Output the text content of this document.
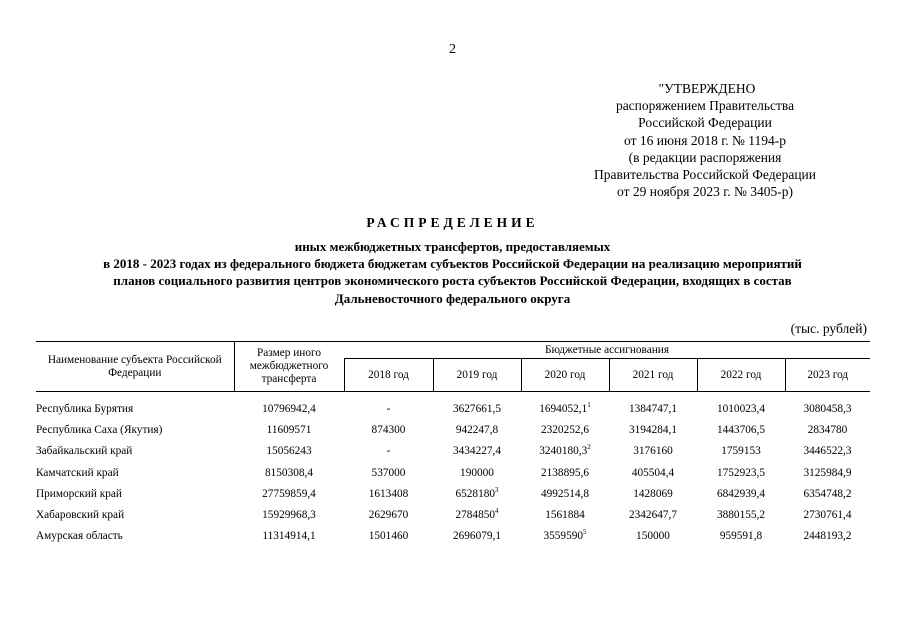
2
"УТВЕРЖДЕНО
распоряжением Правительства
Российской Федерации
от 16 июня 2018 г. № 1194-р
(в редакции распоряжения
Правительства Российской Федерации
от 29 ноября 2023 г. № 3405-р)
РАСПРЕДЕЛЕНИЕ
иных межбюджетных трансфертов, предоставляемых
в 2018 - 2023 годах из федерального бюджета бюджетам субъектов Российской Федерации на реализацию мероприятий
планов социального развития центров экономического роста субъектов Российской Федерации, входящих в состав
Дальневосточного федерального округа
(тыс. рублей)
Наименование субъекта Российской Федерации	Размер иного межбюджетного трансферта	Бюджетные ассигнования					
		2018 год	2019 год	2020 год	2021 год	2022 год	2023 год
Республика Бурятия	10796942,4	-	3627661,5	1694052,1$^1$	1384747,1	1010023,4	3080458,3
Республика Саха (Якутия)	11609571	874300	942247,8	2320252,6	3194284,1	1443706,5	2834780
Забайкальский край	15056243	-	3434227,4	3240180,3$^2$	3176160	1759153	3446522,3
Камчатский край	8150308,4	537000	190000	2138895,6	405504,4	1752923,5	3125984,9
Приморский край	27759859,4	1613408	6528180$^3$	4992514,8	1428069	6842939,4	6354748,2
Хабаровский край	15929968,3	2629670	2784850$^4$	1561884	2342647,7	3880155,2	2730761,4
Амурская область	11314914,1	1501460	2696079,1	3559590$^5$	150000	959591,8	2448193,2
